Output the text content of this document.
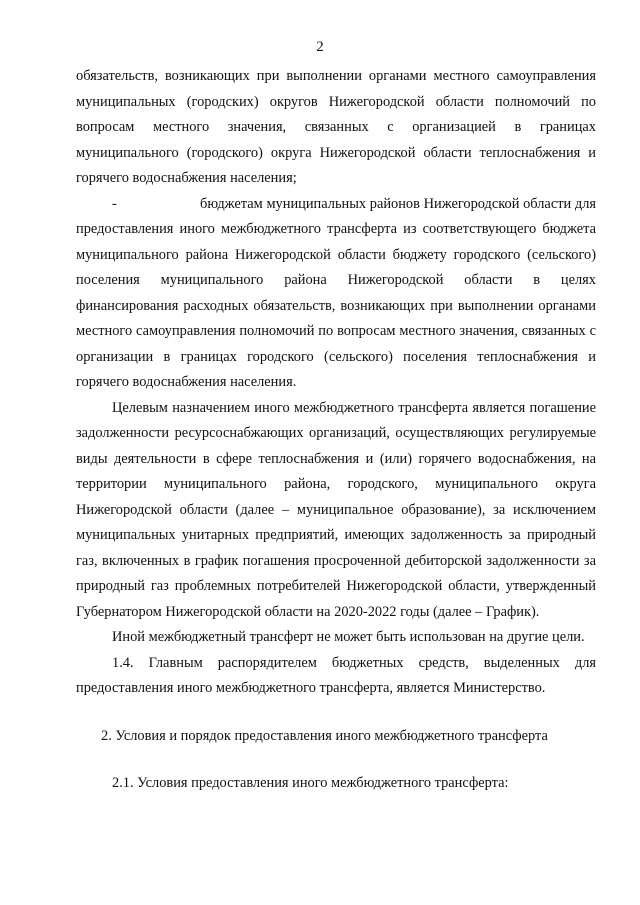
2

обязательств, возникающих при выполнении органами местного самоуправления муниципальных (городских) округов Нижегородской области полномочий по вопросам местного значения, связанных с организацией в границах муниципального (городского) округа Нижегородской области теплоснабжения и горячего водоснабжения населения;

-	бюджетам муниципальных районов Нижегородской области для предоставления иного межбюджетного трансферта из соответствующего бюджета муниципального района Нижегородской области бюджету городского (сельского) поселения муниципального района Нижегородской области в целях финансирования расходных обязательств, возникающих при выполнении органами местного самоуправления полномочий по вопросам местного значения, связанных с организации в границах городского (сельского) поселения теплоснабжения и горячего водоснабжения населения.

Целевым назначением иного межбюджетного трансферта является погашение задолженности ресурсоснабжающих организаций, осуществляющих регулируемые виды деятельности в сфере теплоснабжения и (или) горячего водоснабжения, на территории муниципального района, городского, муниципального округа Нижегородской области (далее – муниципальное образование), за исключением муниципальных унитарных предприятий, имеющих задолженность за природный газ, включенных в график погашения просроченной дебиторской задолженности за природный газ проблемных потребителей Нижегородской области, утвержденный Губернатором Нижегородской области на 2020-2022 годы (далее – График).

Иной межбюджетный трансферт не может быть использован на другие цели.

1.4. Главным распорядителем бюджетных средств, выделенных для предоставления иного межбюджетного трансферта, является Министерство.

2. Условия и порядок предоставления иного межбюджетного трансферта

2.1. Условия предоставления иного межбюджетного трансферта:
